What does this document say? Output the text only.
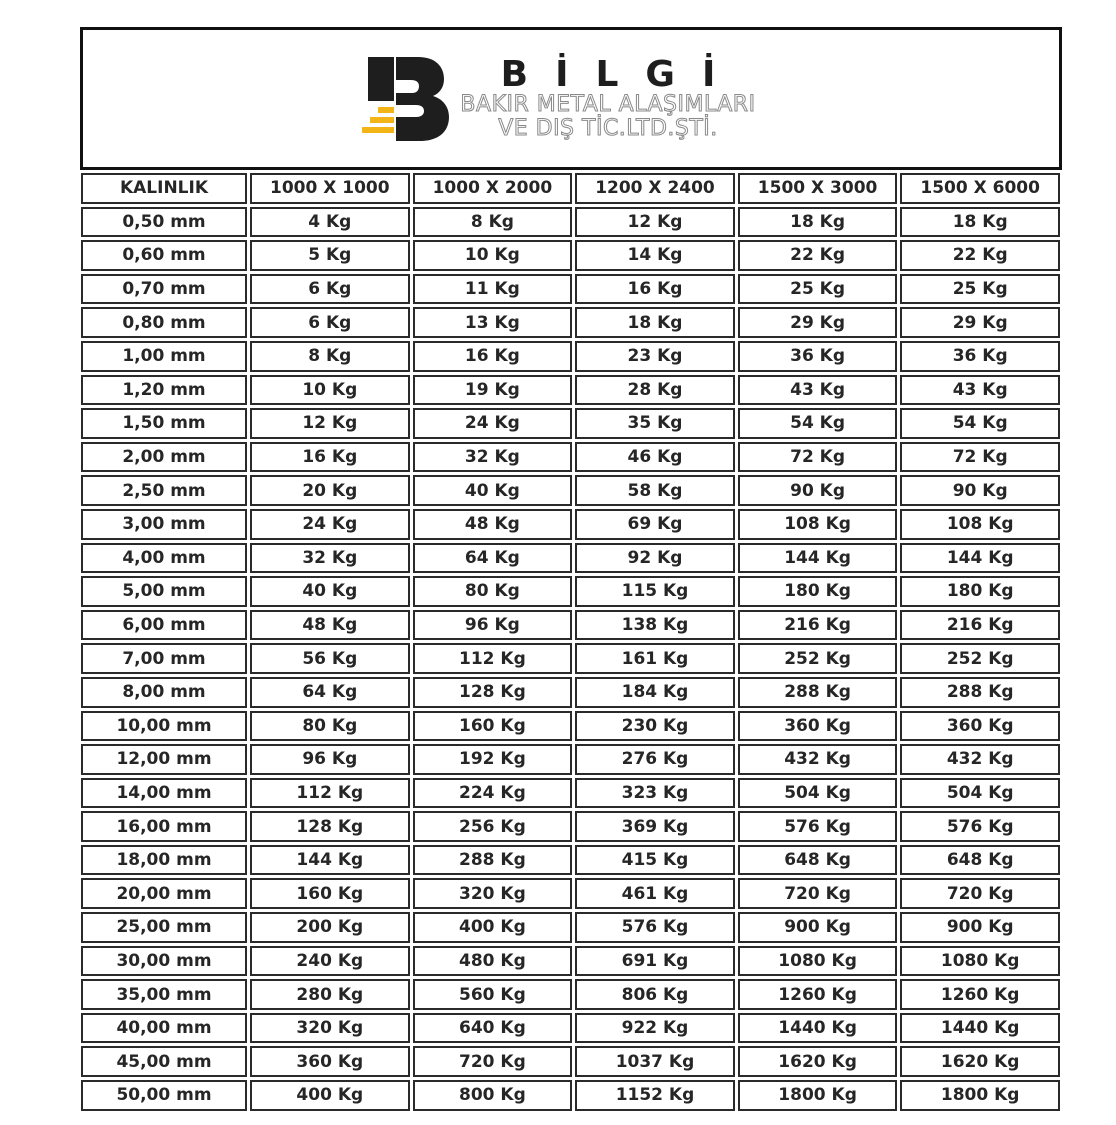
BİLGİ
BAKIR METAL ALAŞIMLARI
VE DIŞ TİC.LTD.ŞTİ.
KALINLIK	1000 X 1000	1000 X 2000	1200 X 2400	1500 X 3000	1500 X 6000
0,50 mm	4 Kg	8 Kg	12 Kg	18 Kg	18 Kg
0,60 mm	5 Kg	10 Kg	14 Kg	22 Kg	22 Kg
0,70 mm	6 Kg	11 Kg	16 Kg	25 Kg	25 Kg
0,80 mm	6 Kg	13 Kg	18 Kg	29 Kg	29 Kg
1,00 mm	8 Kg	16 Kg	23 Kg	36 Kg	36 Kg
1,20 mm	10 Kg	19 Kg	28 Kg	43 Kg	43 Kg
1,50 mm	12 Kg	24 Kg	35 Kg	54 Kg	54 Kg
2,00 mm	16 Kg	32 Kg	46 Kg	72 Kg	72 Kg
2,50 mm	20 Kg	40 Kg	58 Kg	90 Kg	90 Kg
3,00 mm	24 Kg	48 Kg	69 Kg	108 Kg	108 Kg
4,00 mm	32 Kg	64 Kg	92 Kg	144 Kg	144 Kg
5,00 mm	40 Kg	80 Kg	115 Kg	180 Kg	180 Kg
6,00 mm	48 Kg	96 Kg	138 Kg	216 Kg	216 Kg
7,00 mm	56 Kg	112 Kg	161 Kg	252 Kg	252 Kg
8,00 mm	64 Kg	128 Kg	184 Kg	288 Kg	288 Kg
10,00 mm	80 Kg	160 Kg	230 Kg	360 Kg	360 Kg
12,00 mm	96 Kg	192 Kg	276 Kg	432 Kg	432 Kg
14,00 mm	112 Kg	224 Kg	323 Kg	504 Kg	504 Kg
16,00 mm	128 Kg	256 Kg	369 Kg	576 Kg	576 Kg
18,00 mm	144 Kg	288 Kg	415 Kg	648 Kg	648 Kg
20,00 mm	160 Kg	320 Kg	461 Kg	720 Kg	720 Kg
25,00 mm	200 Kg	400 Kg	576 Kg	900 Kg	900 Kg
30,00 mm	240 Kg	480 Kg	691 Kg	1080 Kg	1080 Kg
35,00 mm	280 Kg	560 Kg	806 Kg	1260 Kg	1260 Kg
40,00 mm	320 Kg	640 Kg	922 Kg	1440 Kg	1440 Kg
45,00 mm	360 Kg	720 Kg	1037 Kg	1620 Kg	1620 Kg
50,00 mm	400 Kg	800 Kg	1152 Kg	1800 Kg	1800 Kg
